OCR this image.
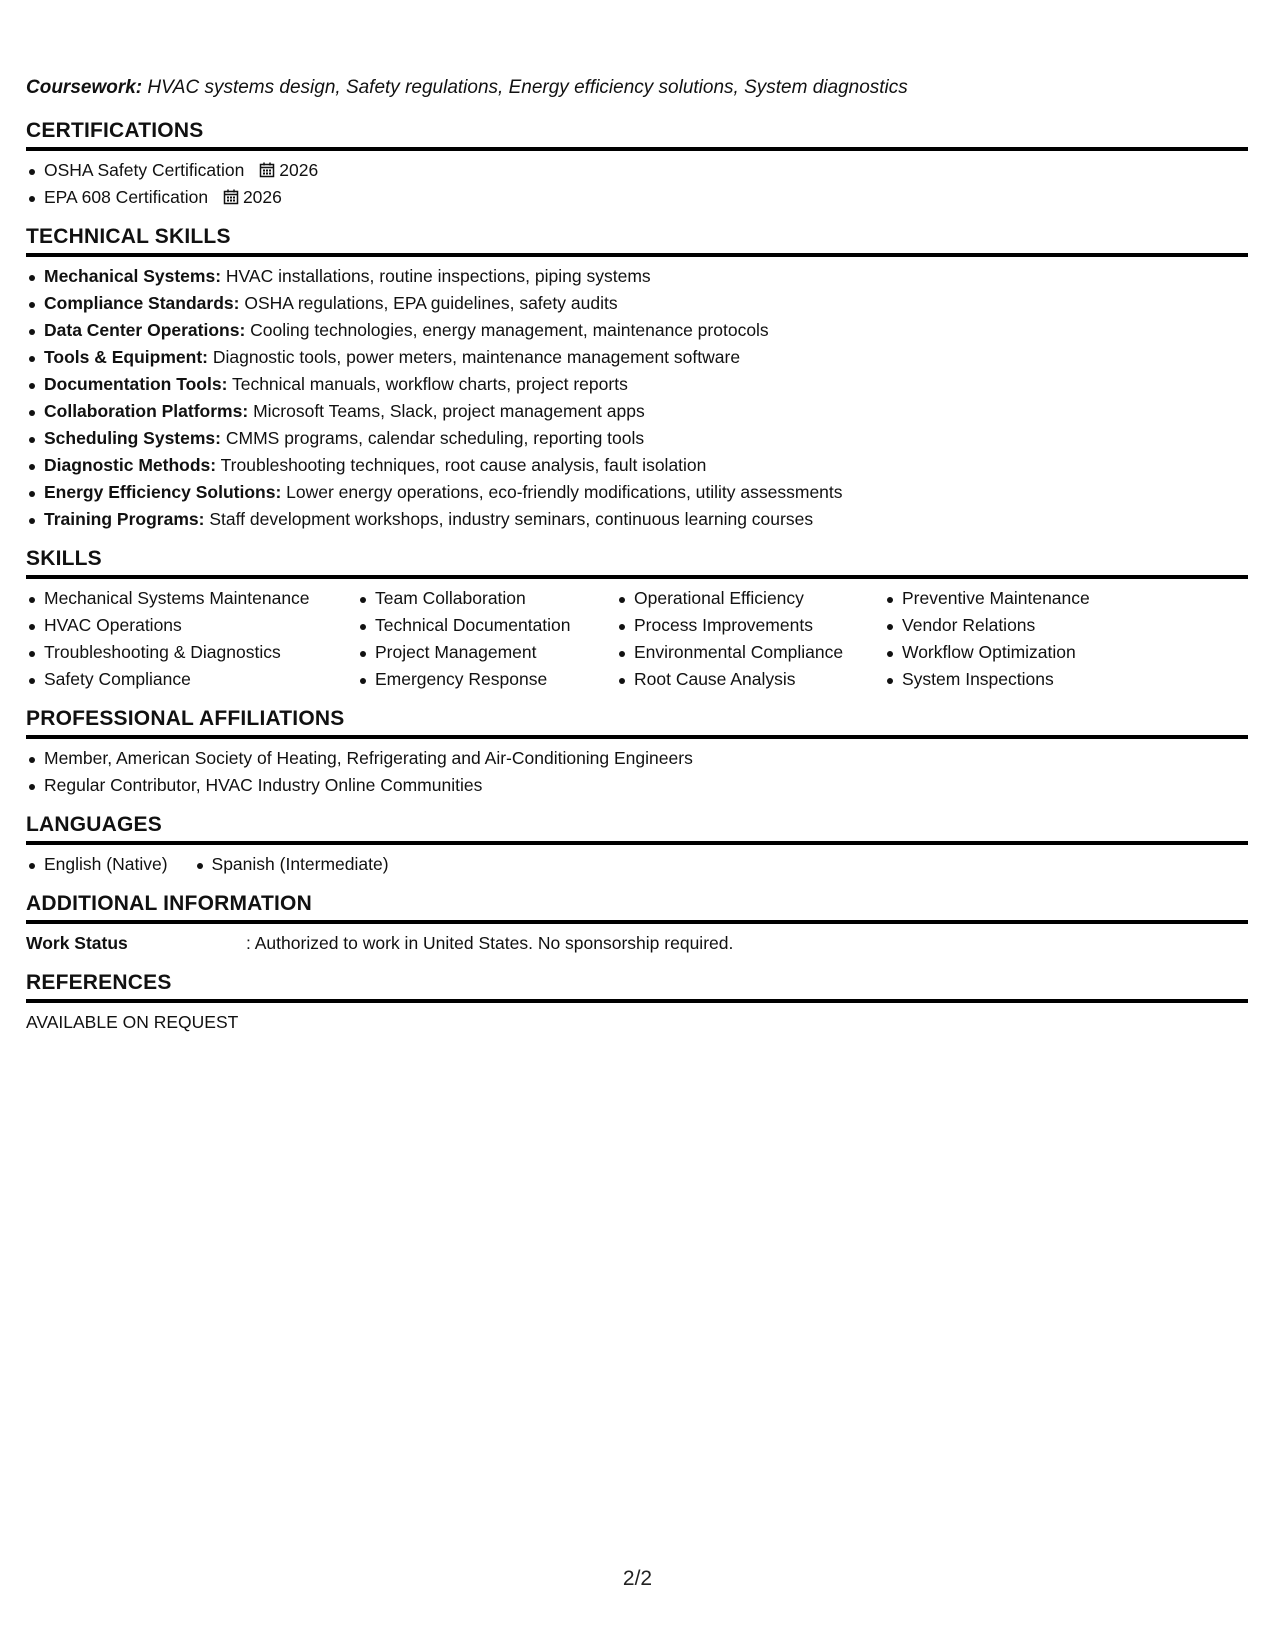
Coursework: HVAC systems design, Safety regulations, Energy efficiency solutions, System diagnostics

CERTIFICATIONS
OSHA Safety Certification 2026
EPA 608 Certification 2026
TECHNICAL SKILLS
Mechanical Systems: HVAC installations, routine inspections, piping systems
Compliance Standards: OSHA regulations, EPA guidelines, safety audits
Data Center Operations: Cooling technologies, energy management, maintenance protocols
Tools & Equipment: Diagnostic tools, power meters, maintenance management software
Documentation Tools: Technical manuals, workflow charts, project reports
Collaboration Platforms: Microsoft Teams, Slack, project management apps
Scheduling Systems: CMMS programs, calendar scheduling, reporting tools
Diagnostic Methods: Troubleshooting techniques, root cause analysis, fault isolation
Energy Efficiency Solutions: Lower energy operations, eco-friendly modifications, utility assessments
Training Programs: Staff development workshops, industry seminars, continuous learning courses
SKILLS
Mechanical Systems Maintenance
HVAC Operations
Troubleshooting & Diagnostics
Safety Compliance
Team Collaboration
Technical Documentation
Project Management
Emergency Response
Operational Efficiency
Process Improvements
Environmental Compliance
Root Cause Analysis
Preventive Maintenance
Vendor Relations
Workflow Optimization
System Inspections
PROFESSIONAL AFFILIATIONS
Member, American Society of Heating, Refrigerating and Air-Conditioning Engineers
Regular Contributor, HVAC Industry Online Communities
LANGUAGES
English (Native)	Spanish (Intermediate)
ADDITIONAL INFORMATION
Work Status	: Authorized to work in United States. No sponsorship required.
REFERENCES

AVAILABLE ON REQUEST

2/2
